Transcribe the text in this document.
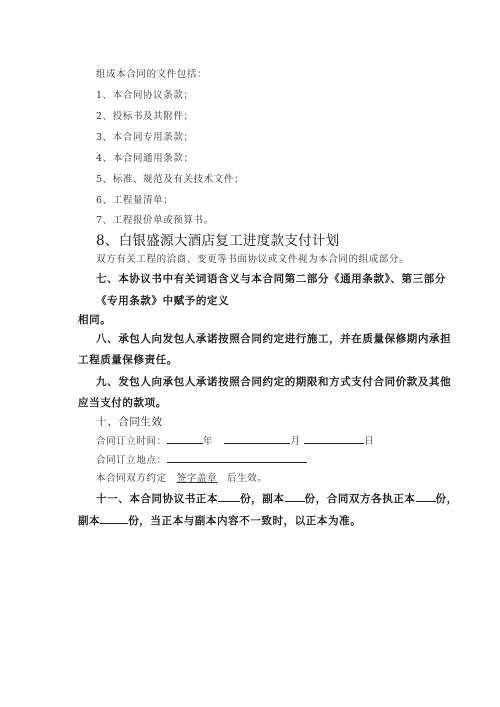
组成本合同的文件包括：
1、本合同协议条款；
2、投标书及其附件；
3、本合同专用条款；
4、本合同通用条款；
5、标准、规范及有关技术文件；
6、工程量清单；
7、工程报价单或预算书。
8、白银盛源大酒店复工进度款支付计划
双方有关工程的洽商、变更等书面协议或文件视为本合同的组成部分。
七、本协议书中有关词语含义与本合同第二部分《通用条款》、第三部分
《专用条款》中赋予的定义
相同。
八、承包人向发包人承诺按照合同约定进行施工，并在质量保修期内承担
工程质量保修责任。
九、发包人向承包人承诺按照合同约定的期限和方式支付合同价款及其他
应当支付的款项。
十、合同生效
合同订立时间：	年	月	日
合同订立地点：
本合同双方约定 签字盖章 后生效。
十一、本合同协议书正本 份，副本 份，合同双方各执正本 份，
副本	份，当正本与副本内容不一致时，以正本为准。
